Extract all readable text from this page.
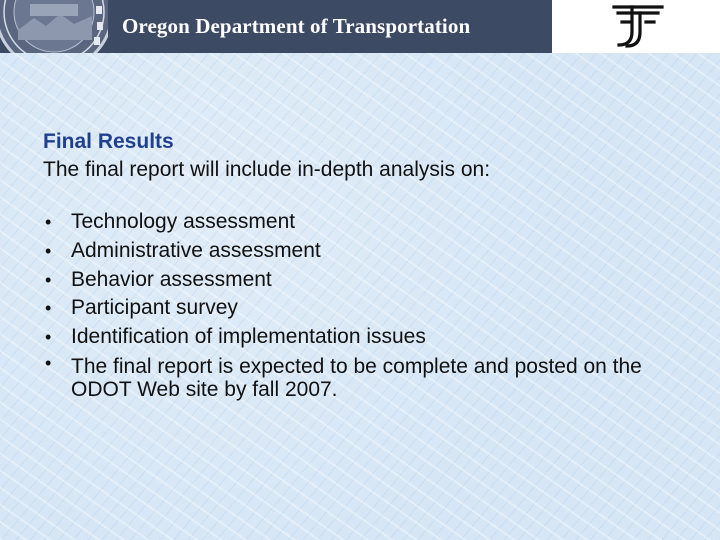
Oregon Department of Transportation
Final Results
The final report will include in-depth analysis on:
• Technology assessment
• Administrative assessment
• Behavior assessment
• Participant survey
• Identification of implementation issues
• The final report is expected to be complete and posted on the ODOT Web site by fall 2007.
